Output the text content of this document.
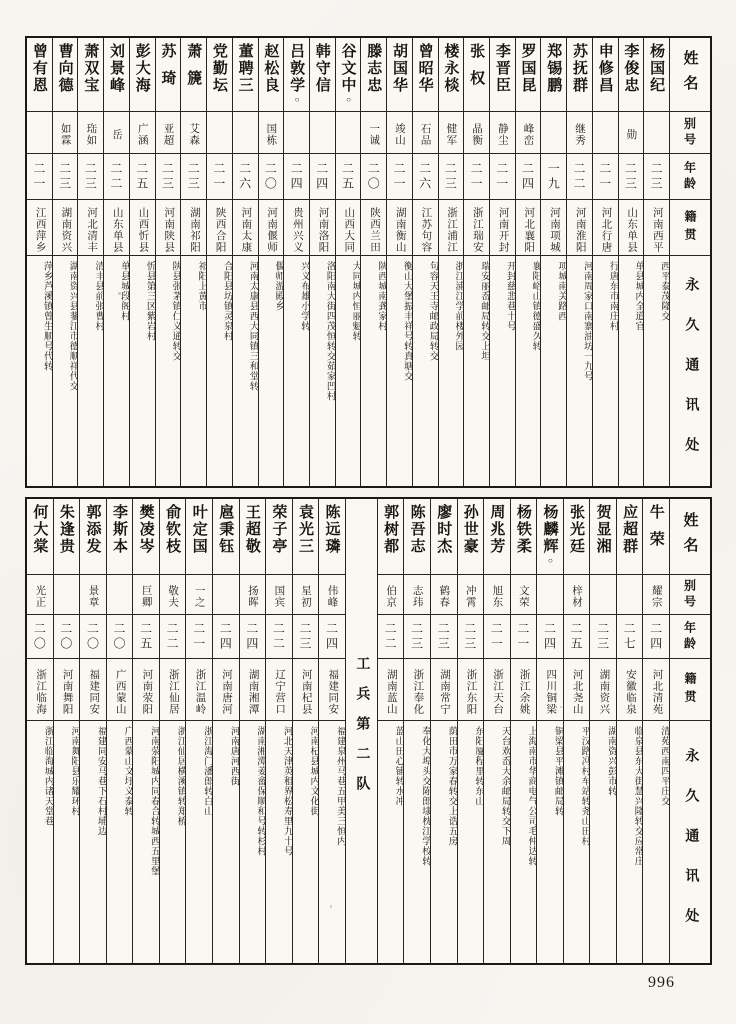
姓名
别号
年龄
籍贯
永久通讯处
杨国纪
二三
河南西平
西平泰茂隆交
李俊忠
勋
二三
山东单县
单县城内全道官
申修昌
二一
河北行唐
行唐东市南庄村
苏抚群
继秀
二二
河南淮阳
河南周家口南寨油坊一九号
郑锡鹏
一九
河南项城
项城南关路西
罗国昆
峰峦
二四
河北襄阳
襄阳峪山镇德盛久转
李晋臣
静尘
二一
河南开封
开封慈悲巷十号
张权
晶衡
二一
浙江瑞安
瑞安丽岙邮局转交上坦
楼永棪
健军
二三
浙江浦江
浙江浦江学前楼外园
曾昭华
石品
二六
江苏句容
句容天王寺邮政局转交
胡国华
竣山
二一
湖南衡山
衡山大堡振丰祥号转真塘交
滕志忠
一诚
二〇
陕西兰田
陕西城南龚家村
谷文中
○
二五
山西大同
大同城内恒丽魁转
韩守信
二四
河南洛阳
洛阳南大街四茂恒转交茹家凹村
吕敦学
○
二四
贵州兴义
兴义布雄小学转
赵松良
国栋
二〇
河南偃师
偃师游殿乡
董聘三
二六
河南太康
河南太康县西大同镇三和堂转
党勤坛
二一
陕西合阳
合阳县坊镇灵泉村
萧篪
艾森
二三
湖南祁阳
祁阳上黄市
苏琦
亚超
二三
河南陕县
陕县张茅镇仁义通转交
彭大海
广涵
二五
山西忻县
忻县第三区紫岩村
刘景峰
岳
二二
山东单县
单县城段阁村
萧双宝
珤如
二三
河北清丰
清丰县前张曹村
曹向德
如霖
二三
湖南资兴
湖南资兴县蓼江市德顺祥代交
曾有恩
二一
江西萍乡
萍乡芦溪镇曾生顺号代转
姓名
别号
年龄
籍贯
永久通讯处
牛荣
耀宗
二四
河北清苑
清苑西南四平庄交
应超群
二七
安徽临泉
临泉县东大街慧兴隆转交应常庄
贺显湘
二三
湖南资兴
湖南资兴彭市转
张光廷
梓材
二五
河北尧山
平汉路冯村车站转尧山田村
杨麟辉
○
二四
四川铜梁
铜梁县平滩镇邮局转
杨铁柔
文荣
二一
浙江余姚
上海南市华商电气公司毛仲达转
周兆芳
旭东
二一
浙江天台
天台欢岙大余邮局转交下周
孙世豪
冲霄
二三
浙江东阳
东阳厦程里转东山
廖时杰
鹤春
二三
湖南常宁
荫田市万家春转交上诰五房
陈吾志
志玮
二三
浙江奉化
奉化大埠头交陈郎埭枕江学校转
郭树都
伯京
二二
湖南蓝山
蓝山田心铺转水冲
工兵第二队
陈远璘
伟峰
二四
福建同安
福建泉州马巷五甲美三恒内
袁光三
星初
二三
河南杞县
河南杞县城内文化街
荣子亭
国宾
二二
辽宁营口
河北天津英租界松寿里九十号
王超敬
扬晖
二四
湖南湘潭
湖南湘潭姜畲保顺和号转杉村
扈秉钰
二四
河南唐河
河南唐河西街
叶定国
一之
二一
浙江温岭
浙江海门潘郎转白山
俞钦枝
敬夫
二二
浙江仙居
浙江仙居横溪镇转郑桥
樊凌岑
巨卿
二五
河南荥阳
河南荥阳城内同春合转城西五里堡
李斯本
二〇
广西蒙山
广西蒙山文圩义泰转
郭添发
景章
二〇
福建同安
福建同安马巷下石村埔边
朱逢贵
二〇
河南舞阳
河南舞阳县乐耀环村
何大棠
光正
二〇
浙江临海
浙江临海城内诸天堂巷
996
